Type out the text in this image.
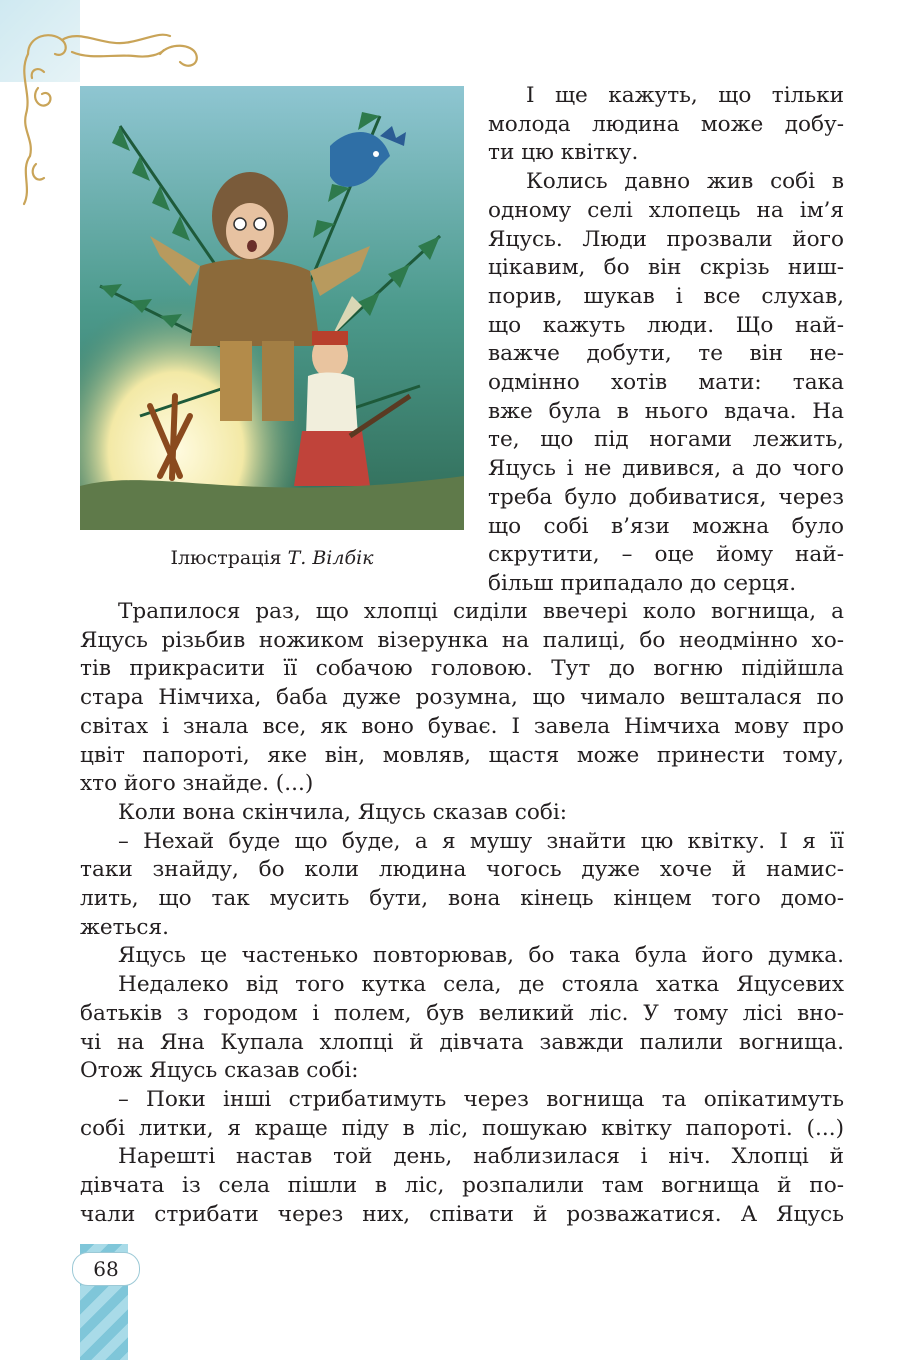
Ілюстрація Т. Вілбік
І ще кажуть, що тільки
молода людина може добу-
ти цю квітку.
Колись давно жив собі в
одному селі хлопець на ім’я
Яцусь. Люди прозвали його
цікавим, бо він скрізь ниш-
порив, шукав і все слухав,
що кажуть люди. Що най-
важче добути, те він не-
одмінно хотів мати: така
вже була в нього вдача. На
те, що під ногами лежить,
Яцусь і не дивився, а до чого
треба було добиватися, через
що собі в’язи можна було
скрутити, – оце йому най-
більш припадало до серця.
Трапилося раз, що хлопці сиділи ввечері коло вогнища, а
Яцусь різьбив ножиком візерунка на палиці, бо неодмінно хо-
тів прикрасити її собачою головою. Тут до вогню підійшла
стара Німчиха, баба дуже розумна, що чимало вешталася по
світах і знала все, як воно буває. І завела Німчиха мову про
цвіт папороті, яке він, мовляв, щастя може принести тому,
хто його знайде. (...)
Коли вона скінчила, Яцусь сказав собі:
– Нехай буде що буде, а я мушу знайти цю квітку. І я її
таки знайду, бо коли людина чогось дуже хоче й намис-
лить, що так мусить бути, вона кінець кінцем того домо-
жеться.
Яцусь це частенько повторював, бо така була його думка.
Недалеко від того кутка села, де стояла хатка Яцусевих
батьків з городом і полем, був великий ліс. У тому лісі вно-
чі на Яна Купала хлопці й дівчата завжди палили вогнища.
Отож Яцусь сказав собі:
– Поки інші стрибатимуть через вогнища та опікатимуть
собі литки, я краще піду в ліс, пошукаю квітку папороті. (...)
Нарешті настав той день, наблизилася і ніч. Хлопці й
дівчата із села пішли в ліс, розпалили там вогнища й по-
чали стрибати через них, співати й розважатися. А Яцусь
68
